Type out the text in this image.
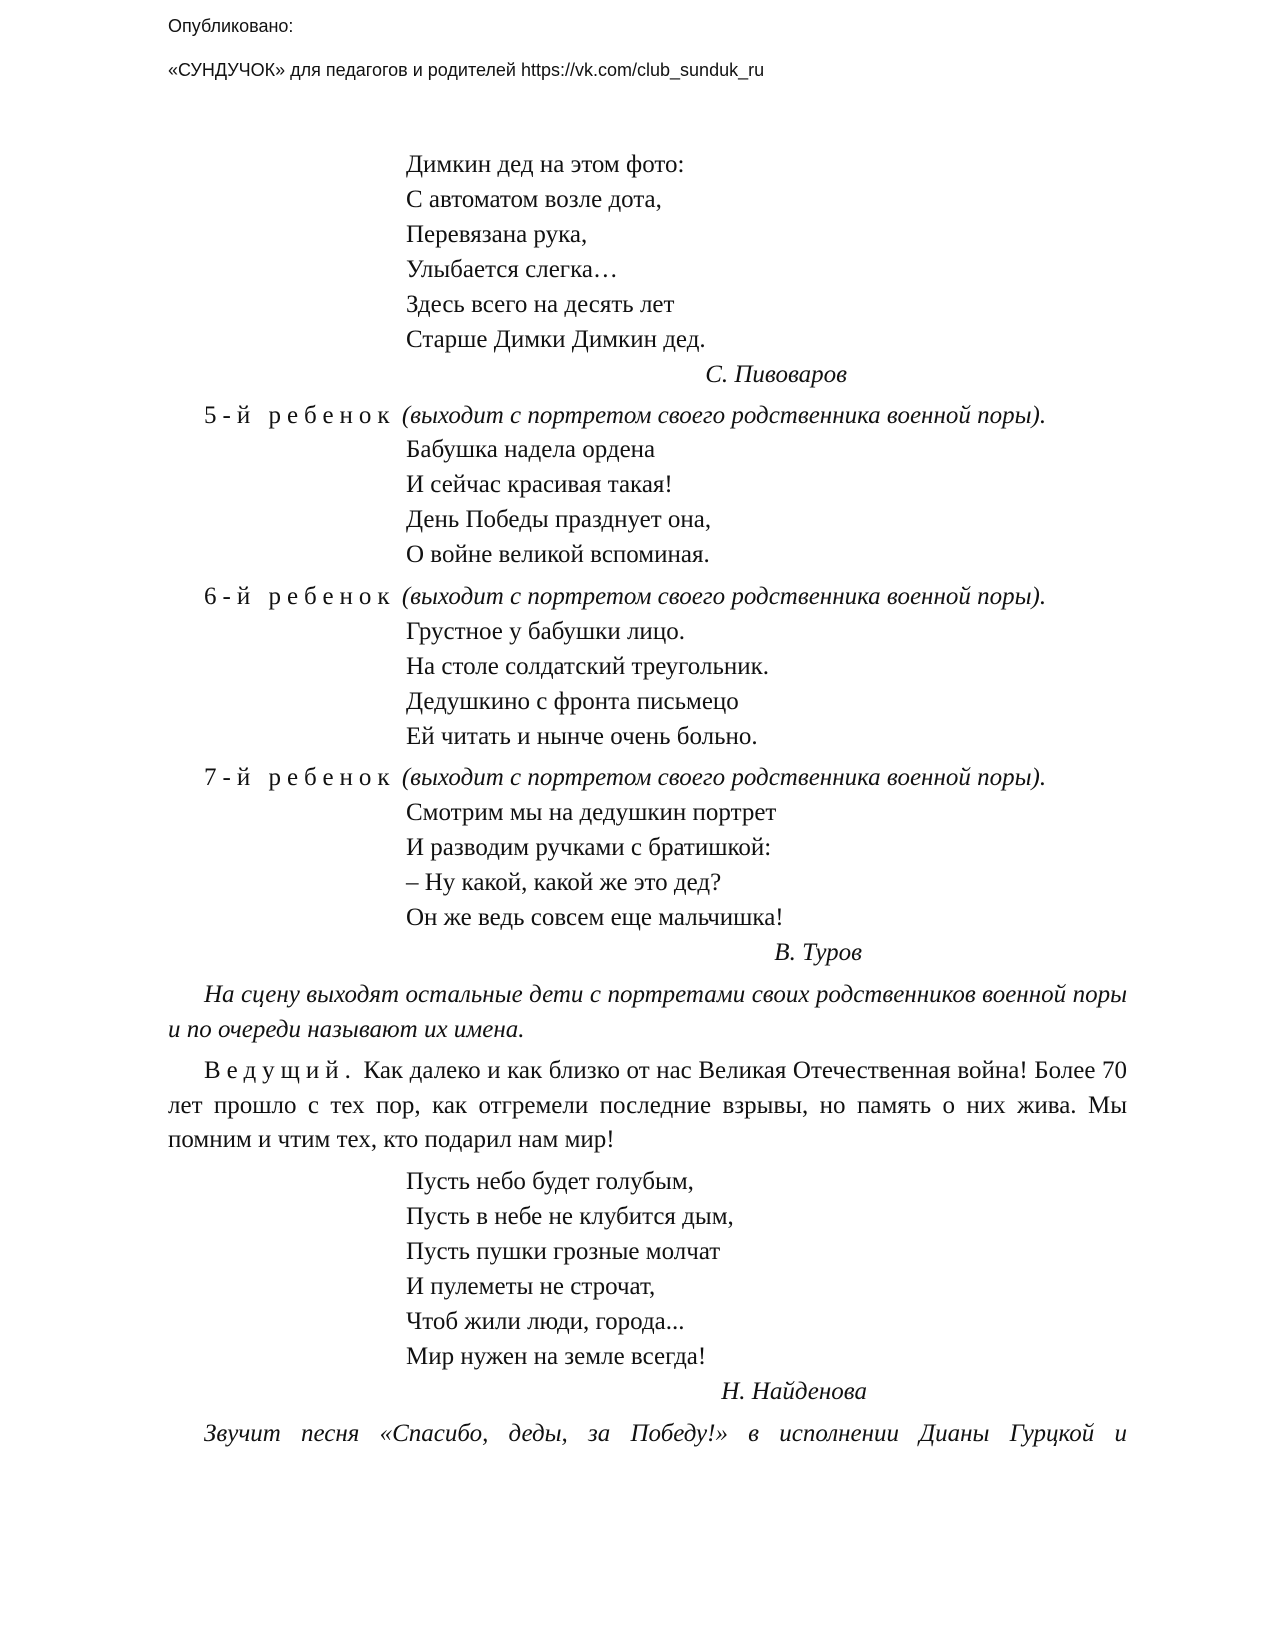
Опубликовано:
«СУНДУЧОК» для педагогов и родителей https://vk.com/club_sunduk_ru
Димкин дед на этом фото:
С автоматом возле дота,
Перевязана рука,
Улыбается слегка…
Здесь всего на десять лет
Старше Димки Димкин дед.
С. Пивоваров
5-й ребенок (выходит с портретом своего родственника военной поры).
Бабушка надела ордена
И сейчас красивая такая!
День Победы празднует она,
О войне великой вспоминая.
6-й ребенок (выходит с портретом своего родственника военной поры).
Грустное у бабушки лицо.
На столе солдатский треугольник.
Дедушкино с фронта письмецо
Ей читать и нынче очень больно.
7-й ребенок (выходит с портретом своего родственника военной поры).
Смотрим мы на дедушкин портрет
И разводим ручками с братишкой:
– Ну какой, какой же это дед?
Он же ведь совсем еще мальчишка!
В. Туров
На сцену выходят остальные дети с портретами своих родственников военной поры и по очереди называют их имена.
Ведущий. Как далеко и как близко от нас Великая Отечественная война! Более 70 лет прошло с тех пор, как отгремели последние взрывы, но память о них жива. Мы помним и чтим тех, кто подарил нам мир!
Пусть небо будет голубым,
Пусть в небе не клубится дым,
Пусть пушки грозные молчат
И пулеметы не строчат,
Чтоб жили люди, города...
Мир нужен на земле всегда!
Н. Найденова
Звучит песня «Спасибо, деды, за Победу!» в исполнении Дианы Гурцкой и
